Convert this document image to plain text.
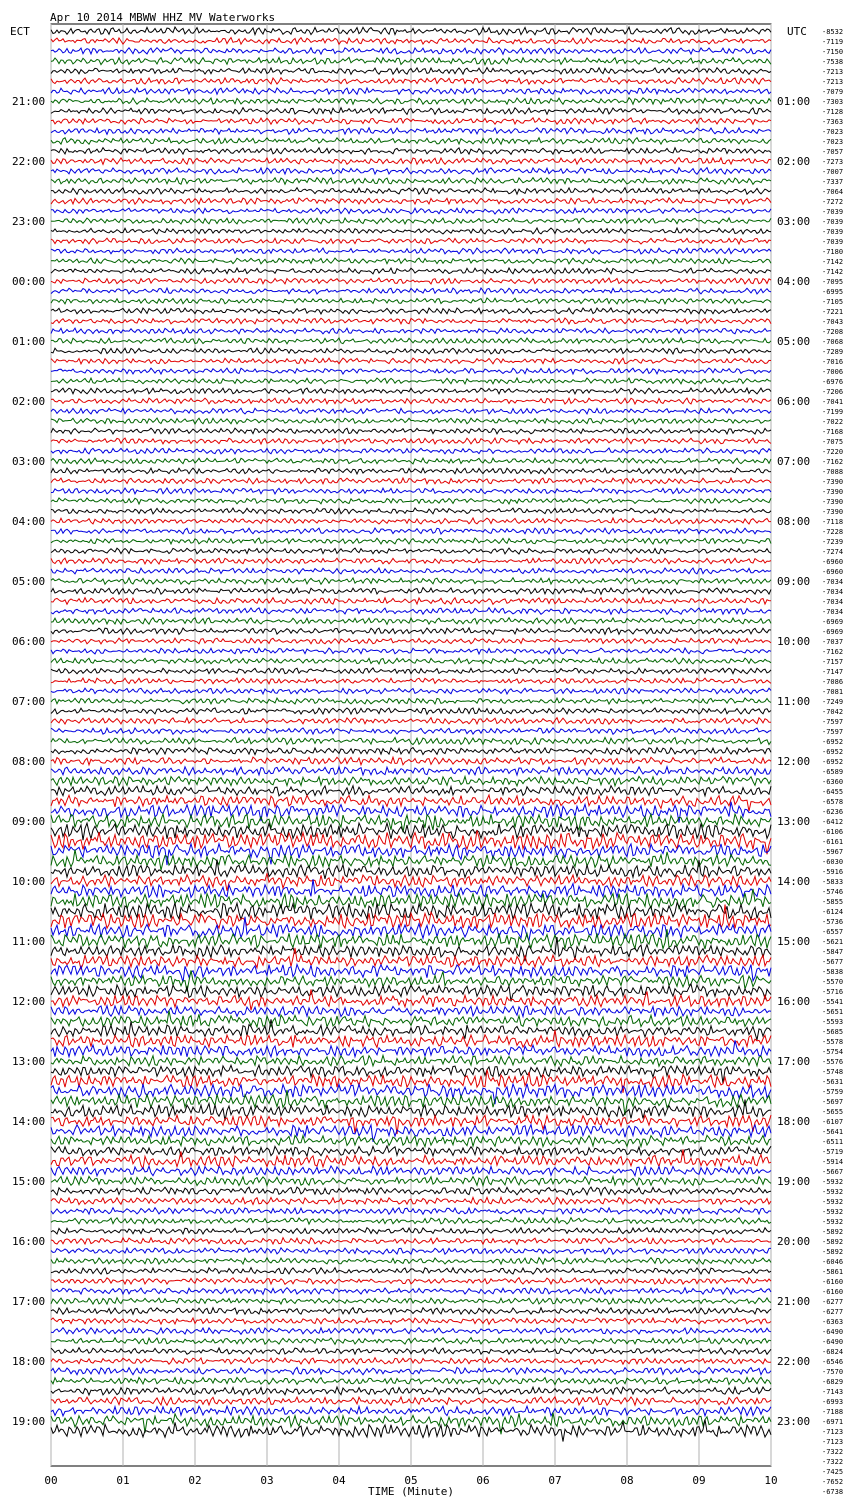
Apr 10 2014 MBWW HHZ MV Waterworks
ECT	UTC
21:00
22:00
23:00
00:00
01:00
02:00
03:00
04:00
05:00
06:00
07:00
08:00
09:00
10:00
11:00
12:00
13:00
14:00
15:00
16:00
17:00
18:00
19:00
01:00
02:00
03:00
04:00
05:00
06:00
07:00
08:00
09:00
10:00
11:00
12:00
13:00
14:00
15:00
16:00
17:00
18:00
19:00
20:00
21:00
22:00
23:00
-8532
-7119
-7150
-7538
-7213
-7213
-7079
-7303
-7128
-7363
-7023
-7023
-7057
-7273
-7007
-7337
-7064
-7272
-7039
-7039
-7039
-7039
-7180
-7142
-7142
-7095
-6995
-7105
-7221
-7043
-7208
-7068
-7289
-7016
-7006
-6976
-7206
-7041
-7199
-7022
-7168
-7075
-7220
-7162
-7088
-7390
-7390
-7390
-7390
-7118
-7228
-7239
-7274
-6960
-6960
-7034
-7034
-7034
-7034
-6969
-6969
-7037
-7162
-7157
-7147
-7086
-7081
-7249
-7042
-7597
-7597
-6952
-6952
-6952
-6589
-6360
-6455
-6578
-6236
-6412
-6106
-6161
-5967
-6030
-5916
-5833
-5746
-5855
-6124
-5736
-6557
-5621
-5847
-5677
-5838
-5570
-5716
-5541
-5651
-5593
-5685
-5578
-5754
-5576
-5748
-5631
-5759
-5697
-5655
-6107
-5641
-6511
-5719
-5914
-5667
-5932
-5932
-5932
-5932
-5932
-5892
-5892
-5892
-6046
-5861
-6160
-6160
-6277
-6277
-6363
-6490
-6490
-6824
-6546
-7570
-6829
-7143
-6993
-7188
-6971
-7123
-7123
-7322
-7322
-7425
-7652
-6738
00	01	02	03	04	05	06	07	08	09	10
TIME (Minute)
